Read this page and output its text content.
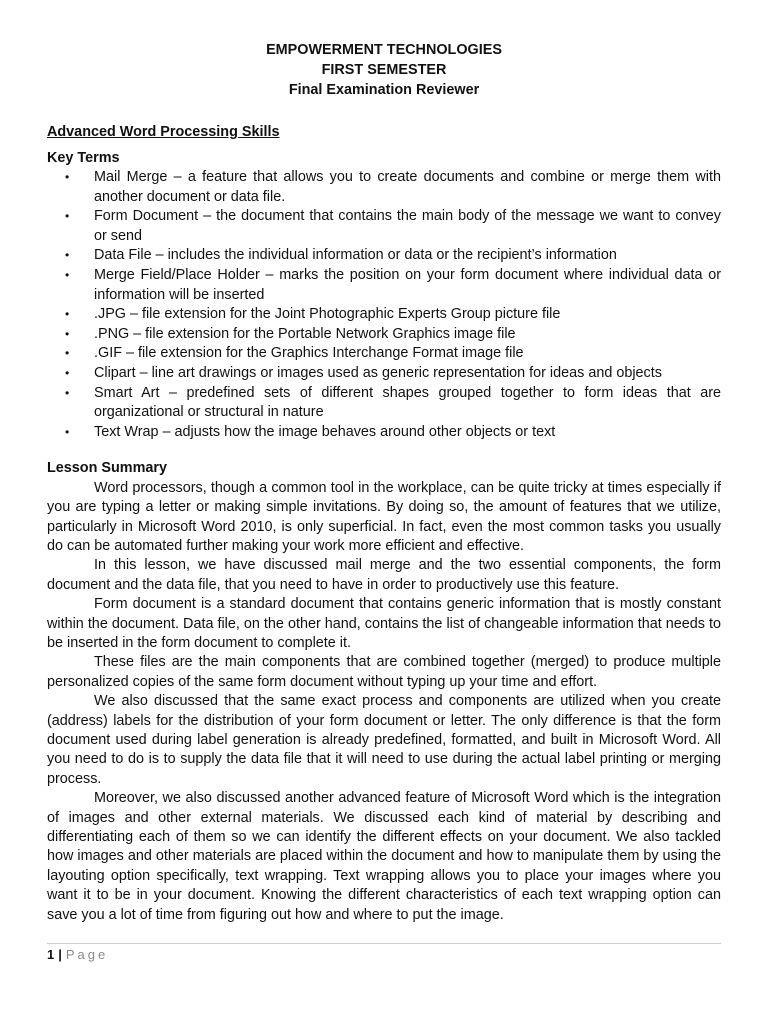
EMPOWERMENT TECHNOLOGIES
FIRST SEMESTER
Final Examination Reviewer
Advanced Word Processing Skills
Key Terms
• Mail Merge – a feature that allows you to create documents and combine or merge them with another document or data file.
• Form Document – the document that contains the main body of the message we want to convey or send
• Data File – includes the individual information or data or the recipient’s information
• Merge Field/Place Holder – marks the position on your form document where individual data or information will be inserted
• .JPG – file extension for the Joint Photographic Experts Group picture file
• .PNG – file extension for the Portable Network Graphics image file
• .GIF – file extension for the Graphics Interchange Format image file
• Clipart – line art drawings or images used as generic representation for ideas and objects
• Smart Art – predefined sets of different shapes grouped together to form ideas that are organizational or structural in nature
• Text Wrap – adjusts how the image behaves around other objects or text
Lesson Summary

Word processors, though a common tool in the workplace, can be quite tricky at times especially if you are typing a letter or making simple invitations. By doing so, the amount of features that we utilize, particularly in Microsoft Word 2010, is only superficial. In fact, even the most common tasks you usually do can be automated further making your work more efficient and effective.

In this lesson, we have discussed mail merge and the two essential components, the form document and the data file, that you need to have in order to productively use this feature.

Form document is a standard document that contains generic information that is mostly constant within the document. Data file, on the other hand, contains the list of changeable information that needs to be inserted in the form document to complete it.

These files are the main components that are combined together (merged) to produce multiple personalized copies of the same form document without typing up your time and effort.

We also discussed that the same exact process and components are utilized when you create (address) labels for the distribution of your form document or letter. The only difference is that the form document used during label generation is already predefined, formatted, and built in Microsoft Word. All you need to do is to supply the data file that it will need to use during the actual label printing or merging process.

Moreover, we also discussed another advanced feature of Microsoft Word which is the integration of images and other external materials. We discussed each kind of material by describing and differentiating each of them so we can identify the different effects on your document. We also tackled how images and other materials are placed within the document and how to manipulate them by using the layouting option specifically, text wrapping. Text wrapping allows you to place your images where you want it to be in your document. Knowing the different characteristics of each text wrapping option can save you a lot of time from figuring out how and where to put the image.

1 | Page
